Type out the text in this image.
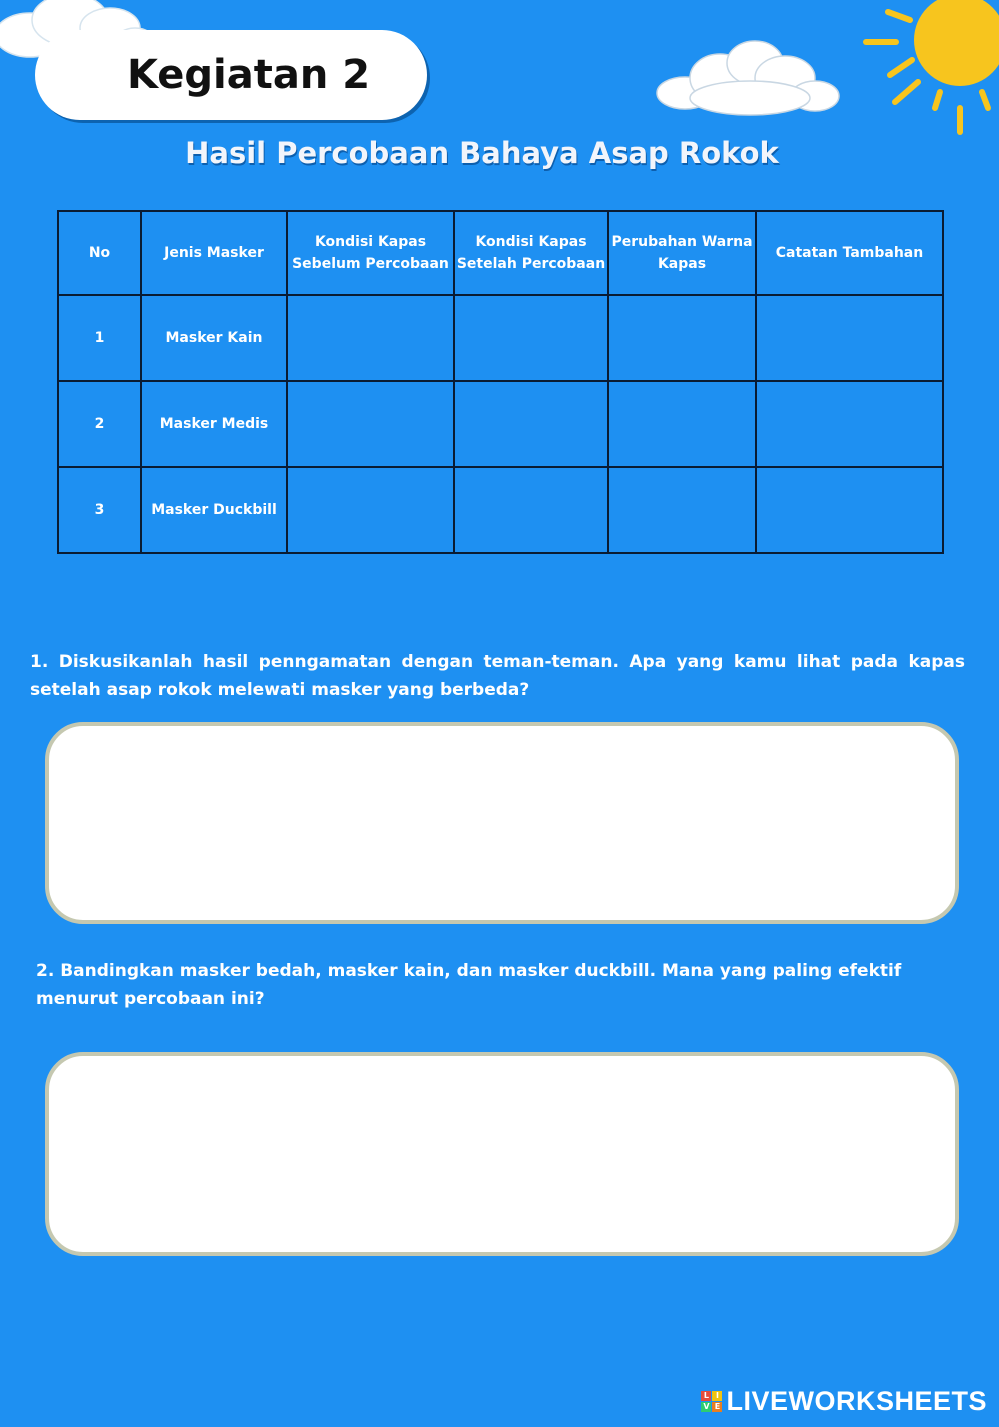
Kegiatan 2
Hasil Percobaan Bahaya Asap Rokok
No	Jenis Masker	Kondisi Kapas Sebelum Percobaan	Kondisi Kapas Setelah Percobaan	Perubahan Warna Kapas	Catatan Tambahan
1	Masker Kain				
2	Masker Medis				
3	Masker Duckbill				
1. Diskusikanlah hasil penngamatan dengan teman-teman. Apa yang kamu lihat pada kapas setelah asap rokok melewati masker yang berbeda?
2. Bandingkan masker bedah, masker kain, dan masker duckbill. Mana yang paling efektif menurut percobaan ini?
L I
V E LIVEWORKSHEETS
